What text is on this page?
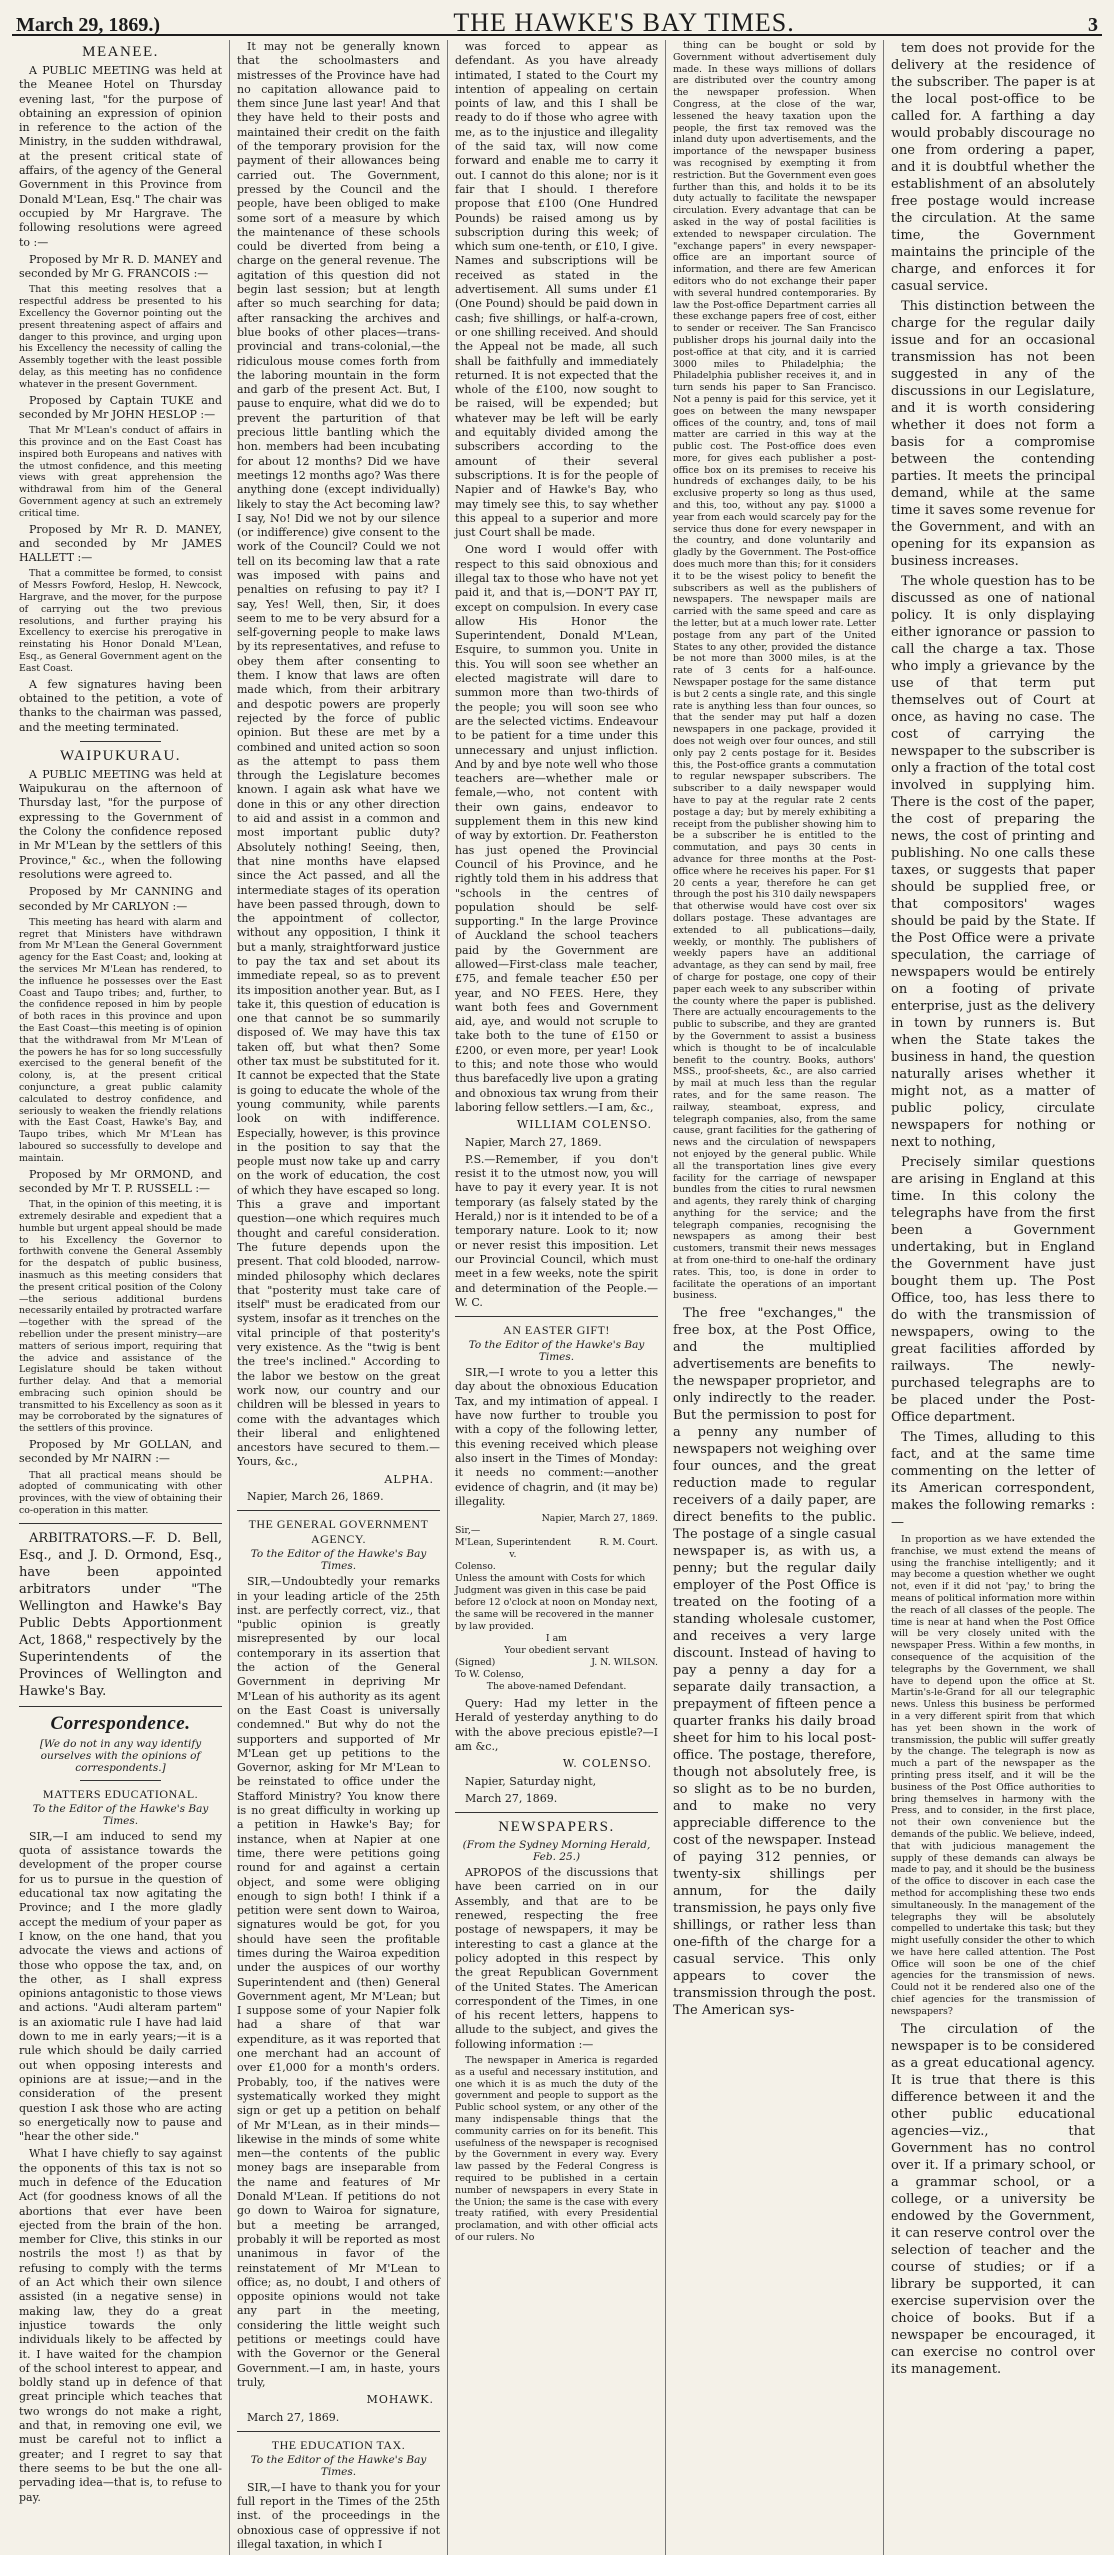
March 29, 1869.)	THE HAWKE'S BAY TIMES.	3
MEANEE.

A PUBLIC MEETING was held at the Meanee Hotel on Thursday evening last, "for the purpose of obtaining an expression of opinion in reference to the action of the Ministry, in the sudden withdrawal, at the present critical state of affairs, of the agency of the General Government in this Province from Donald M'Lean, Esq." The chair was occupied by Mr Hargrave. The following resolutions were agreed to :—

Proposed by Mr R. D. MANEY and seconded by Mr G. FRANCOIS :—

That this meeting resolves that a respectful address be presented to his Excellency the Governor pointing out the present threatening aspect of affairs and danger to this province, and urging upon his Excellency the necessity of calling the Assembly together with the least possible delay, as this meeting has no confidence whatever in the present Government.

Proposed by Captain TUKE and seconded by Mr JOHN HESLOP :—

That Mr M'Lean's conduct of affairs in this province and on the East Coast has inspired both Europeans and natives with the utmost confidence, and this meeting views with great apprehension the withdrawal from him of the General Government agency at such an extremely critical time.

Proposed by Mr R. D. MANEY, and seconded by Mr JAMES HALLETT :—

That a committee be formed, to consist of Messrs Fowford, Heslop, H. Newcock, Hargrave, and the mover, for the purpose of carrying out the two previous resolutions, and further praying his Excellency to exercise his prerogative in reinstating his Honor Donald M'Lean, Esq., as General Government agent on the East Coast.

A few signatures having been obtained to the petition, a vote of thanks to the chairman was passed, and the meeting terminated.

WAIPUKURAU.

A PUBLIC MEETING was held at Waipukurau on the afternoon of Thursday last, "for the purpose of expressing to the Government of the Colony the confidence reposed in Mr M'Lean by the settlers of this Province," &c., when the following resolutions were agreed to.

Proposed by Mr CANNING and seconded by Mr CARLYON :—

This meeting has heard with alarm and regret that Ministers have withdrawn from Mr M'Lean the General Government agency for the East Coast; and, looking at the services Mr M'Lean has rendered, to the influence he possesses over the East Coast and Taupo tribes; and, further, to the confidence reposed in him by people of both races in this province and upon the East Coast—this meeting is of opinion that the withdrawal from Mr M'Lean of the powers he has for so long successfully exercised to the general benefit of the colony, is, at the present critical conjuncture, a great public calamity calculated to destroy confidence, and seriously to weaken the friendly relations with the East Coast, Hawke's Bay, and Taupo tribes, which Mr M'Lean has laboured so successfully to develope and maintain.

Proposed by Mr ORMOND, and seconded by Mr T. P. RUSSELL :—

That, in the opinion of this meeting, it is extremely desirable and expedient that a humble but urgent appeal should be made to his Excellency the Governor to forthwith convene the General Assembly for the despatch of public business, inasmuch as this meeting considers that the present critical position of the Colony—the serious additional burdens necessarily entailed by protracted warfare—together with the spread of the rebellion under the present ministry—are matters of serious import, requiring that the advice and assistance of the Legislature should be taken without further delay. And that a memorial embracing such opinion should be transmitted to his Excellency as soon as it may be corroborated by the signatures of the settlers of this province.

Proposed by Mr GOLLAN, and seconded by Mr NAIRN :—

That all practical means should be adopted of communicating with other provinces, with the view of obtaining their co-operation in this matter.

ARBITRATORS.—F. D. Bell, Esq., and J. D. Ormond, Esq., have been appointed arbitrators under "The Wellington and Hawke's Bay Public Debts Apportionment Act, 1868," respectively by the Superintendents of the Provinces of Wellington and Hawke's Bay.

Correspondence.
[We do not in any way identify ourselves with the opinions of correspondents.]
MATTERS EDUCATIONAL.
To the Editor of the Hawke's Bay Times.

SIR,—I am induced to send my quota of assistance towards the development of the proper course for us to pursue in the question of educational tax now agitating the Province; and I the more gladly accept the medium of your paper as I know, on the one hand, that you advocate the views and actions of those who oppose the tax, and, on the other, as I shall express opinions antagonistic to those views and actions. "Audi alteram partem" is an axiomatic rule I have had laid down to me in early years;—it is a rule which should be daily carried out when opposing interests and opinions are at issue;—and in the consideration of the present question I ask those who are acting so energetically now to pause and "hear the other side."

What I have chiefly to say against the opponents of this tax is not so much in defence of the Education Act (for goodness knows of all the abortions that ever have been ejected from the brain of the hon. member for Clive, this stinks in our nostrils the most !) as that by refusing to comply with the terms of an Act which their own silence assisted (in a negative sense) in making law, they do a great injustice towards the only individuals likely to be affected by it. I have waited for the champion of the school interest to appear, and boldly stand up in defence of that great principle which teaches that two wrongs do not make a right, and that, in removing one evil, we must be careful not to inflict a greater; and I regret to say that there seems to be but the one all-pervading idea—that is, to refuse to pay.

It may not be generally known that the schoolmasters and mistresses of the Province have had no capitation allowance paid to them since June last year! And that they have held to their posts and maintained their credit on the faith of the temporary provision for the payment of their allowances being carried out. The Government, pressed by the Council and the people, have been obliged to make some sort of a measure by which the maintenance of these schools could be diverted from being a charge on the general revenue. The agitation of this question did not begin last session; but at length after so much searching for data; after ransacking the archives and blue books of other places—trans-provincial and trans-colonial,—the ridiculous mouse comes forth from the laboring mountain in the form and garb of the present Act. But, I pause to enquire, what did we do to prevent the parturition of that precious little bantling which the hon. members had been incubating for about 12 months? Did we have meetings 12 months ago? Was there anything done (except individually) likely to stay the Act becoming law? I say, No! Did we not by our silence (or indifference) give consent to the work of the Council? Could we not tell on its becoming law that a rate was imposed with pains and penalties on refusing to pay it? I say, Yes! Well, then, Sir, it does seem to me to be very absurd for a self-governing people to make laws by its representatives, and refuse to obey them after consenting to them. I know that laws are often made which, from their arbitrary and despotic powers are properly rejected by the force of public opinion. But these are met by a combined and united action so soon as the attempt to pass them through the Legislature becomes known. I again ask what have we done in this or any other direction to aid and assist in a common and most important public duty? Absolutely nothing! Seeing, then, that nine months have elapsed since the Act passed, and all the intermediate stages of its operation have been passed through, down to the appointment of collector, without any opposition, I think it but a manly, straightforward justice to pay the tax and set about its immediate repeal, so as to prevent its imposition another year. But, as I take it, this question of education is one that cannot be so summarily disposed of. We may have this tax taken off, but what then? Some other tax must be substituted for it. It cannot be expected that the State is going to educate the whole of the young community, while parents look on with indifference. Especially, however, is this province in the position to say that the people must now take up and carry on the work of education, the cost of which they have escaped so long. This a grave and important question—one which requires much thought and careful consideration. The future depends upon the present. That cold blooded, narrow-minded philosophy which declares that "posterity must take care of itself" must be eradicated from our system, insofar as it trenches on the vital principle of that posterity's very existence. As the "twig is bent the tree's inclined." According to the labor we bestow on the great work now, our country and our children will be blessed in years to come with the advantages which their liberal and enlightened ancestors have secured to them.—Yours, &c.,

ALPHA.

Napier, March 26, 1869.

THE GENERAL GOVERNMENT AGENCY.
To the Editor of the Hawke's Bay Times.

SIR,—Undoubtedly your remarks in your leading article of the 25th inst. are perfectly correct, viz., that "public opinion is greatly misrepresented by our local contemporary in its assertion that the action of the General Government in depriving Mr M'Lean of his authority as its agent on the East Coast is universally condemned." But why do not the supporters and supported of Mr M'Lean get up petitions to the Governor, asking for Mr M'Lean to be reinstated to office under the Stafford Ministry? You know there is no great difficulty in working up a petition in Hawke's Bay; for instance, when at Napier at one time, there were petitions going round for and against a certain object, and some were obliging enough to sign both! I think if a petition were sent down to Wairoa, signatures would be got, for you should have seen the profitable times during the Wairoa expedition under the auspices of our worthy Superintendent and (then) General Government agent, Mr M'Lean; but I suppose some of your Napier folk had a share of that war expenditure, as it was reported that one merchant had an account of over £1,000 for a month's orders. Probably, too, if the natives were systematically worked they might sign or get up a petition on behalf of Mr M'Lean, as in their minds—likewise in the minds of some white men—the contents of the public money bags are inseparable from the name and features of Mr Donald M'Lean. If petitions do not go down to Wairoa for signature, but a meeting be arranged, probably it will be reported as most unanimous in favor of the reinstatement of Mr M'Lean to office; as, no doubt, I and others of opposite opinions would not take any part in the meeting, considering the little weight such petitions or meetings could have with the Governor or the General Government.—I am, in haste, yours truly,

MOHAWK.

March 27, 1869.

THE EDUCATION TAX.
To the Editor of the Hawke's Bay Times.

SIR,—I have to thank you for your full report in the Times of the 25th inst. of the proceedings in the obnoxious case of oppressive if not illegal taxation, in which I

was forced to appear as defendant. As you have already intimated, I stated to the Court my intention of appealing on certain points of law, and this I shall be ready to do if those who agree with me, as to the injustice and illegality of the said tax, will now come forward and enable me to carry it out. I cannot do this alone; nor is it fair that I should. I therefore propose that £100 (One Hundred Pounds) be raised among us by subscription during this week; of which sum one-tenth, or £10, I give. Names and subscriptions will be received as stated in the advertisement. All sums under £1 (One Pound) should be paid down in cash; five shillings, or half-a-crown, or one shilling received. And should the Appeal not be made, all such shall be faithfully and immediately returned. It is not expected that the whole of the £100, now sought to be raised, will be expended; but whatever may be left will be early and equitably divided among the subscribers according to the amount of their several subscriptions. It is for the people of Napier and of Hawke's Bay, who may timely see this, to say whether this appeal to a superior and more just Court shall be made.

One word I would offer with respect to this said obnoxious and illegal tax to those who have not yet paid it, and that is,—DON'T PAY IT, except on compulsion. In every case allow His Honor the Superintendent, Donald M'Lean, Esquire, to summon you. Unite in this. You will soon see whether an elected magistrate will dare to summon more than two-thirds of the people; you will soon see who are the selected victims. Endeavour to be patient for a time under this unnecessary and unjust infliction. And by and bye note well who those teachers are—whether male or female,—who, not content with their own gains, endeavor to supplement them in this new kind of way by extortion. Dr. Featherston has just opened the Provincial Council of his Province, and he rightly told them in his address that "schools in the centres of population should be self-supporting." In the large Province of Auckland the school teachers paid by the Government are allowed—First-class male teacher, £75, and female teacher £50 per year, and NO FEES. Here, they want both fees and Government aid, aye, and would not scruple to take both to the tune of £150 or £200, or even more, per year! Look to this; and note those who would thus barefacedly live upon a grating and obnoxious tax wrung from their laboring fellow settlers.—I am, &c.,

WILLIAM COLENSO.

Napier, March 27, 1869.

P.S.—Remember, if you don't resist it to the utmost now, you will have to pay it every year. It is not temporary (as falsely stated by the Herald,) nor is it intended to be of a temporary nature. Look to it; now or never resist this imposition. Let our Provincial Council, which must meet in a few weeks, note the spirit and determination of the People.—W. C.

AN EASTER GIFT!
To the Editor of the Hawke's Bay Times.

SIR,—I wrote to you a letter this day about the obnoxious Education Tax, and my intimation of appeal. I have now further to trouble you with a copy of the following letter, this evening received which please also insert in the Times of Monday: it needs no comment:—another evidence of chagrin, and (it may be) illegality.

Napier, March 27, 1869.
Sir,—
M'Lean, Superintendent
v.
Colenso.
R. M. Court.
Unless the amount with Costs for which Judgment was given in this case be paid before 12 o'clock at noon on Monday next, the same will be recovered in the manner by law provided.
I am
Your obedient servant
(Signed)	J. N. WILSON.
To W. Colenso,
The above-named Defendant.

Query: Had my letter in the Herald of yesterday anything to do with the above precious epistle?—I am &c.,

W. COLENSO.

Napier, Saturday night,

March 27, 1869.

NEWSPAPERS.
(From the Sydney Morning Herald, Feb. 25.)

APROPOS of the discussions that have been carried on in our Assembly, and that are to be renewed, respecting the free postage of newspapers, it may be interesting to cast a glance at the policy adopted in this respect by the great Republican Government of the United States. The American correspondent of the Times, in one of his recent letters, happens to allude to the subject, and gives the following information :—

The newspaper in America is regarded as a useful and necessary institution, and one which it is as much the duty of the government and people to support as the Public school system, or any other of the many indispensable things that the community carries on for its benefit. This usefulness of the newspaper is recognised by the Government in every way. Every law passed by the Federal Congress is required to be published in a certain number of newspapers in every State in the Union; the same is the case with every treaty ratified, with every Presidential proclamation, and with other official acts of our rulers. No

thing can be bought or sold by Government without advertisement duly made. In these ways millions of dollars are distributed over the country among the newspaper profession. When Congress, at the close of the war, lessened the heavy taxation upon the people, the first tax removed was the inland duty upon advertisements, and the importance of the newspaper business was recognised by exempting it from restriction. But the Government even goes further than this, and holds it to be its duty actually to facilitate the newspaper circulation. Every advantage that can be asked in the way of postal facilities is extended to newspaper circulation. The "exchange papers" in every newspaper-office are an important source of information, and there are few American editors who do not exchange their paper with several hundred contemporaries. By law the Post-office Department carries all these exchange papers free of cost, either to sender or receiver. The San Francisco publisher drops his journal daily into the post-office at that city, and it is carried 3000 miles to Philadelphia; the Philadelphia publisher receives it, and in turn sends his paper to San Francisco. Not a penny is paid for this service, yet it goes on between the many newspaper offices of the country, and, tons of mail matter are carried in this way at the public cost. The Post-office does even more, for gives each publisher a post-office box on its premises to receive his hundreds of exchanges daily, to be his exclusive property so long as thus used, and this, too, without any pay. $1000 a year from each would scarcely pay for the service thus done for every newspaper in the country, and done voluntarily and gladly by the Government. The Post-office does much more than this; for it considers it to be the wisest policy to benefit the subscribers as well as the publishers of newspapers. The newspaper mails are carried with the same speed and care as the letter, but at a much lower rate. Letter postage from any part of the United States to any other, provided the distance be not more than 3000 miles, is at the rate of 3 cents for a half-ounce. Newspaper postage for the same distance is but 2 cents a single rate, and this single rate is anything less than four ounces, so that the sender may put half a dozen newspapers in one package, provided it does not weigh over four ounces, and still only pay 2 cents postage for it. Besides this, the Post-office grants a commutation to regular newspaper subscribers. The subscriber to a daily newspaper would have to pay at the regular rate 2 cents postage a day; but by merely exhibiting a receipt from the publisher showing him to be a subscriber he is entitled to the commutation, and pays 30 cents in advance for three months at the Post-office where he receives his paper. For $1 20 cents a year, therefore he can get through the post his 310 daily newspapers that otherwise would have cost over six dollars postage. These advantages are extended to all publications—daily, weekly, or monthly. The publishers of weekly papers have an additional advantage, as they can send by mail, free of charge for postage, one copy of their paper each week to any subscriber within the county where the paper is published. There are actually encouragements to the public to subscribe, and they are granted by the Government to assist a business which is thought to be of incalculable benefit to the country. Books, authors' MSS., proof-sheets, &c., are also carried by mail at much less than the regular rates, and for the same reason. The railway, steamboat, express, and telegraph companies, also, from the same cause, grant facilities for the gathering of news and the circulation of newspapers not enjoyed by the general public. While all the transportation lines give every facility for the carriage of newspaper bundles from the cities to rural newsmen and agents, they rarely think of charging anything for the service; and the telegraph companies, recognising the newspapers as among their best customers, transmit their news messages at from one-third to one-half the ordinary rates. This, too, is done in order to facilitate the operations of an important business.

The free "exchanges," the free box, at the Post Office, and the multiplied advertisements are benefits to the newspaper proprietor, and only indirectly to the reader. But the permission to post for a penny any number of newspapers not weighing over four ounces, and the great reduction made to regular receivers of a daily paper, are direct benefits to the public. The postage of a single casual newspaper is, as with us, a penny; but the regular daily employer of the Post Office is treated on the footing of a standing wholesale customer, and receives a very large discount. Instead of having to pay a penny a day for a separate daily transaction, a prepayment of fifteen pence a quarter franks his daily broad sheet for him to his local post-office. The postage, therefore, though not absolutely free, is so slight as to be no burden, and to make no very appreciable difference to the cost of the newspaper. Instead of paying 312 pennies, or twenty-six shillings per annum, for the daily transmission, he pays only five shillings, or rather less than one-fifth of the charge for a casual service. This only appears to cover the transmission through the post. The American sys-

tem does not provide for the delivery at the residence of the subscriber. The paper is at the local post-office to be called for. A farthing a day would probably discourage no one from ordering a paper, and it is doubtful whether the establishment of an absolutely free postage would increase the circulation. At the same time, the Government maintains the principle of the charge, and enforces it for casual service.

This distinction between the charge for the regular daily issue and for an occasional transmission has not been suggested in any of the discussions in our Legislature, and it is worth considering whether it does not form a basis for a compromise between the contending parties. It meets the principal demand, while at the same time it saves some revenue for the Government, and with an opening for its expansion as business increases.

The whole question has to be discussed as one of national policy. It is only displaying either ignorance or passion to call the charge a tax. Those who imply a grievance by the use of that term put themselves out of Court at once, as having no case. The cost of carrying the newspaper to the subscriber is only a fraction of the total cost involved in supplying him. There is the cost of the paper, the cost of preparing the news, the cost of printing and publishing. No one calls these taxes, or suggests that paper should be supplied free, or that compositors' wages should be paid by the State. If the Post Office were a private speculation, the carriage of newspapers would be entirely on a footing of private enterprise, just as the delivery in town by runners is. But when the State takes the business in hand, the question naturally arises whether it might not, as a matter of public policy, circulate newspapers for nothing or next to nothing,

Precisely similar questions are arising in England at this time. In this colony the telegraphs have from the first been a Government undertaking, but in England the Government have just bought them up. The Post Office, too, has less there to do with the transmission of newspapers, owing to the great facilities afforded by railways. The newly-purchased telegraphs are to be placed under the Post-Office department.

The Times, alluding to this fact, and at the same time commenting on the letter of its American correspondent, makes the following remarks :—

In proportion as we have extended the franchise, we must extend the means of using the franchise intelligently; and it may become a question whether we ought not, even if it did not 'pay,' to bring the means of political information more within the reach of all classes of the people. The time is near at hand when the Post Office will be very closely united with the newspaper Press. Within a few months, in consequence of the acquisition of the telegraphs by the Government, we shall have to depend upon the office at St. Martin's-le-Grand for all our telegraphic news. Unless this business be performed in a very different spirit from that which has yet been shown in the work of transmission, the public will suffer greatly by the change. The telegraph is now as much a part of the newspaper as the printing press itself, and it will be the business of the Post Office authorities to bring themselves in harmony with the Press, and to consider, in the first place, not their own convenience but the demands of the public. We believe, indeed, that with judicious management the supply of these demands can always be made to pay, and it should be the business of the office to discover in each case the method for accomplishing these two ends simultaneously. In the management of the telegraphs they will be absolutely compelled to undertake this task; but they might usefully consider the other to which we have here called attention. The Post Office will soon be one of the chief agencies for the transmission of news. Could not it be rendered also one of the chief agencies for the transmission of newspapers?

The circulation of the newspaper is to be considered as a great educational agency. It is true that there is this difference between it and the other public educational agencies—viz., that Government has no control over it. If a primary school, or a grammar school, or a college, or a university be endowed by the Government, it can reserve control over the selection of teacher and the course of studies; or if a library be supported, it can exercise supervision over the choice of books. But if a newspaper be encouraged, it can exercise no control over its management.
